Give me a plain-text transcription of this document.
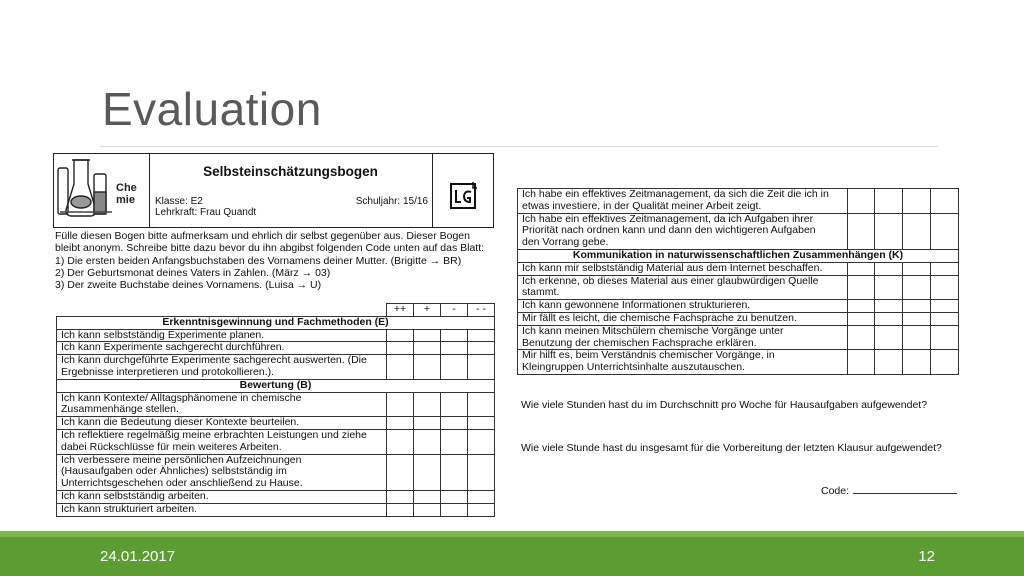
Evaluation
Che
mie
Selbsteinschätzungsbogen
Klasse: E2
Lehrkraft: Frau Quandt
Schuljahr: 15/16
Fülle diesen Bogen bitte aufmerksam und ehrlich dir selbst gegenüber aus. Dieser Bogen
bleibt anonym. Schreibe bitte dazu bevor du ihn abgibst folgenden Code unten auf das Blatt:
1) Die ersten beiden Anfangsbuchstaben des Vornamens deiner Mutter. (Brigitte → BR)
2) Der Geburtsmonat deines Vaters in Zahlen. (März → 03)
3) Der zweite Buchstabe deines Vornamens. (Luisa → U)
	++	+	-	- -
Erkenntnisgewinnung und Fachmethoden (E)				

Ich kann selbstständig Experimente planen.				

Ich kann Experimente sachgerecht durchführen.				

Ich kann durchgeführte Experimente sachgerecht auswerten. (Die
Ergebnisse interpretieren und protokollieren.).				

Bewertung (B)				

Ich kann Kontexte/ Alltagsphänomene in chemische
Zusammenhänge stellen.				

Ich kann die Bedeutung dieser Kontexte beurteilen.				

Ich reflektiere regelmäßig meine erbrachten Leistungen und ziehe
dabei Rückschlüsse für mein weiteres Arbeiten.				

Ich verbessere meine persönlichen Aufzeichnungen
(Hausaufgaben oder Ähnliches) selbstständig im
Unterrichtsgeschehen oder anschließend zu Hause.				

Ich kann selbstständig arbeiten.				

Ich kann strukturiert arbeiten.				

Ich habe ein effektives Zeitmanagement, da sich die Zeit die ich in
etwas investiere, in der Qualität meiner Arbeit zeigt.				

Ich habe ein effektives Zeitmanagement, da ich Aufgaben ihrer
Priorität nach ordnen kann und dann den wichtigeren Aufgaben
den Vorrang gebe.				

Kommunikation in naturwissenschaftlichen Zusammenhängen (K)				

Ich kann mir selbstständig Material aus dem Internet beschaffen.				

Ich erkenne, ob dieses Material aus einer glaubwürdigen Quelle
stammt.				

Ich kann gewonnene Informationen strukturieren.				

Mir fällt es leicht, die chemische Fachsprache zu benutzen.				

Ich kann meinen Mitschülern chemische Vorgänge unter
Benutzung der chemischen Fachsprache erklären.				

Mir hilft es, beim Verständnis chemischer Vorgänge, in
Kleingruppen Unterrichtsinhalte auszutauschen.				

Wie viele Stunden hast du im Durchschnitt pro Woche für Hausaufgaben aufgewendet?
Wie viele Stunde hast du insgesamt für die Vorbereitung der letzten Klausur aufgewendet?
Code:
24.01.2017	12
